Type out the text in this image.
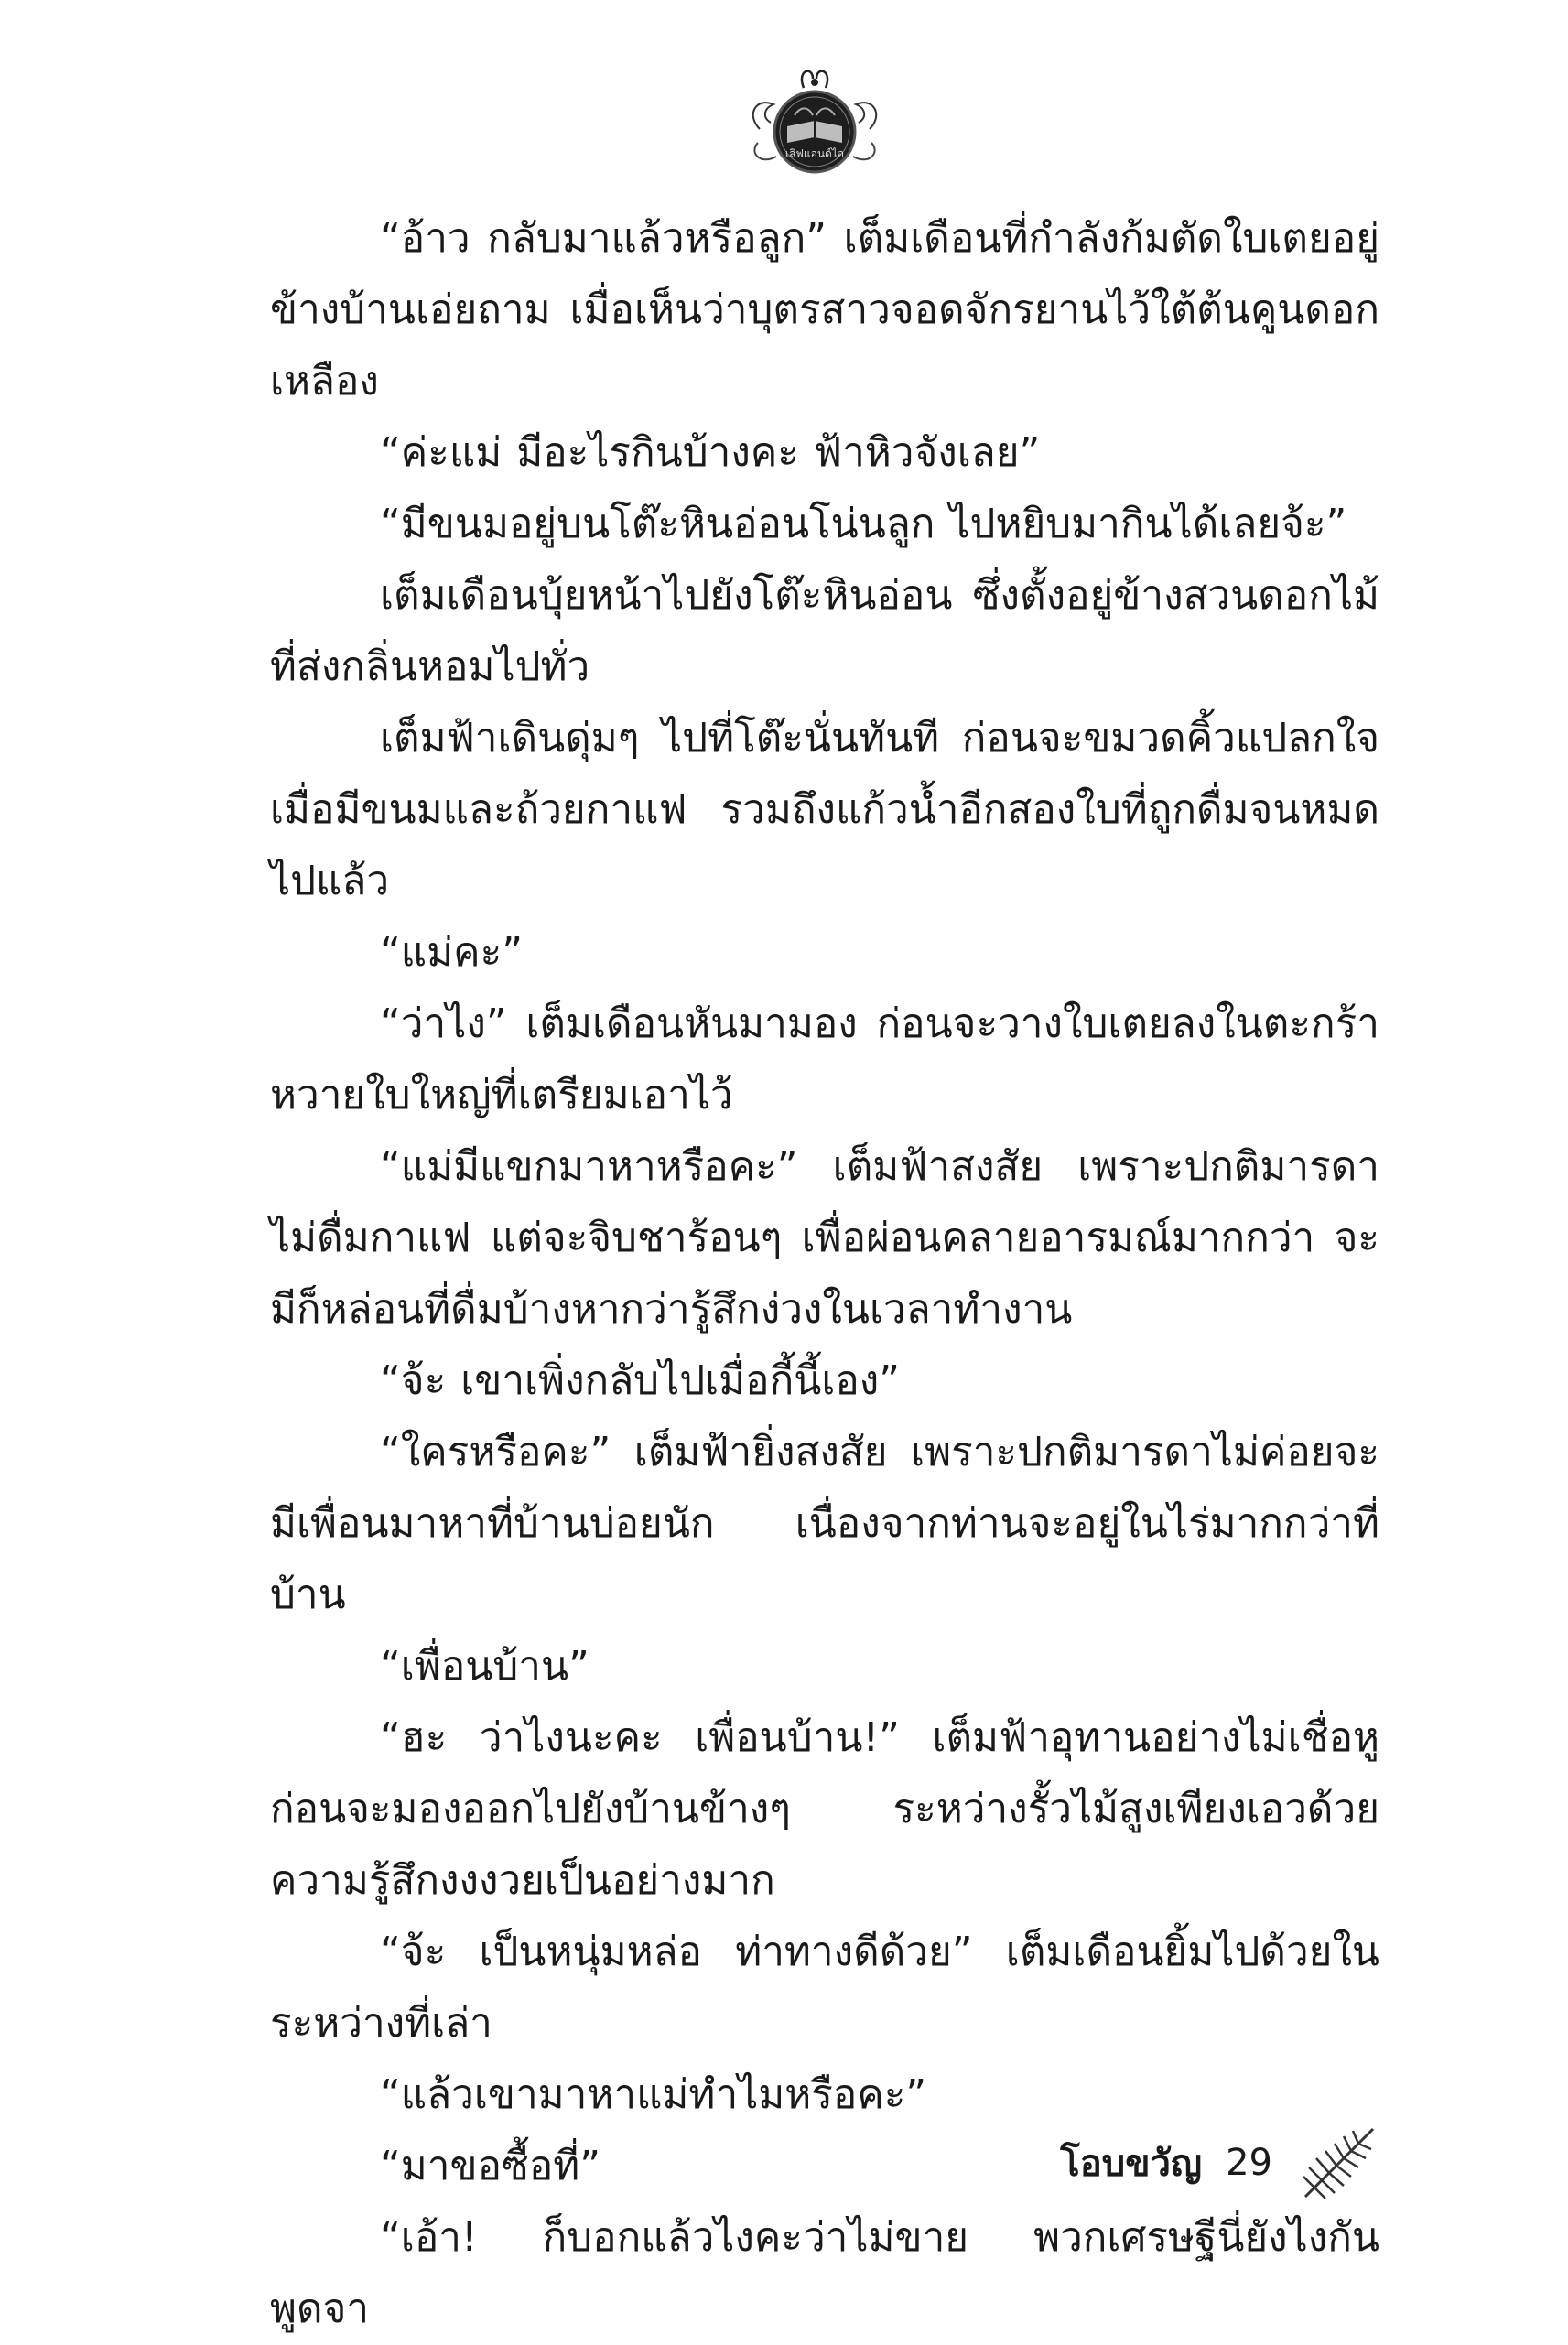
เลิฟแอนด์ไอ

“อ้าว กลับมาแล้วหรือลูก” เต็มเดือนที่กำลังก้มตัดใบเตยอยู่ข้างบ้านเอ่ยถาม เมื่อเห็นว่าบุตรสาวจอดจักรยานไว้ใต้ต้นคูนดอกเหลือง

“ค่ะแม่ มีอะไรกินบ้างคะ ฟ้าหิวจังเลย”

“มีขนมอยู่บนโต๊ะหินอ่อนโน่นลูก ไปหยิบมากินได้เลยจ้ะ”

เต็มเดือนบุ้ยหน้าไปยังโต๊ะหินอ่อน ซึ่งตั้งอยู่ข้างสวนดอกไม้ที่ส่งกลิ่นหอมไปทั่ว

เต็มฟ้าเดินดุ่มๆ ไปที่โต๊ะนั่นทันที ก่อนจะขมวดคิ้วแปลกใจ เมื่อมีขนมและถ้วยกาแฟ รวมถึงแก้วน้ำอีกสองใบที่ถูกดื่มจนหมดไปแล้ว

“แม่คะ”

“ว่าไง” เต็มเดือนหันมามอง ก่อนจะวางใบเตยลงในตะกร้าหวายใบใหญ่ที่เตรียมเอาไว้

“แม่มีแขกมาหาหรือคะ” เต็มฟ้าสงสัย เพราะปกติมารดาไม่ดื่มกาแฟ แต่จะจิบชาร้อนๆ เพื่อผ่อนคลายอารมณ์มากกว่า จะมีก็หล่อนที่ดื่มบ้างหากว่ารู้สึกง่วงในเวลาทำงาน

“จ้ะ เขาเพิ่งกลับไปเมื่อกี้นี้เอง”

“ใครหรือคะ” เต็มฟ้ายิ่งสงสัย เพราะปกติมารดาไม่ค่อยจะมีเพื่อนมาหาที่บ้านบ่อยนัก เนื่องจากท่านจะอยู่ในไร่มากกว่าที่บ้าน

“เพื่อนบ้าน”

“ฮะ ว่าไงนะคะ เพื่อนบ้าน!” เต็มฟ้าอุทานอย่างไม่เชื่อหู ก่อนจะมองออกไปยังบ้านข้างๆ ระหว่างรั้วไม้สูงเพียงเอวด้วยความรู้สึกงงงวยเป็นอย่างมาก

“จ้ะ เป็นหนุ่มหล่อ ท่าทางดีด้วย” เต็มเดือนยิ้มไปด้วยในระหว่างที่เล่า

“แล้วเขามาหาแม่ทำไมหรือคะ”

“มาขอซื้อที่”

“เอ้า! ก็บอกแล้วไงคะว่าไม่ขาย พวกเศรษฐีนี่ยังไงกัน พูดจา

โอบขวัญ 29
